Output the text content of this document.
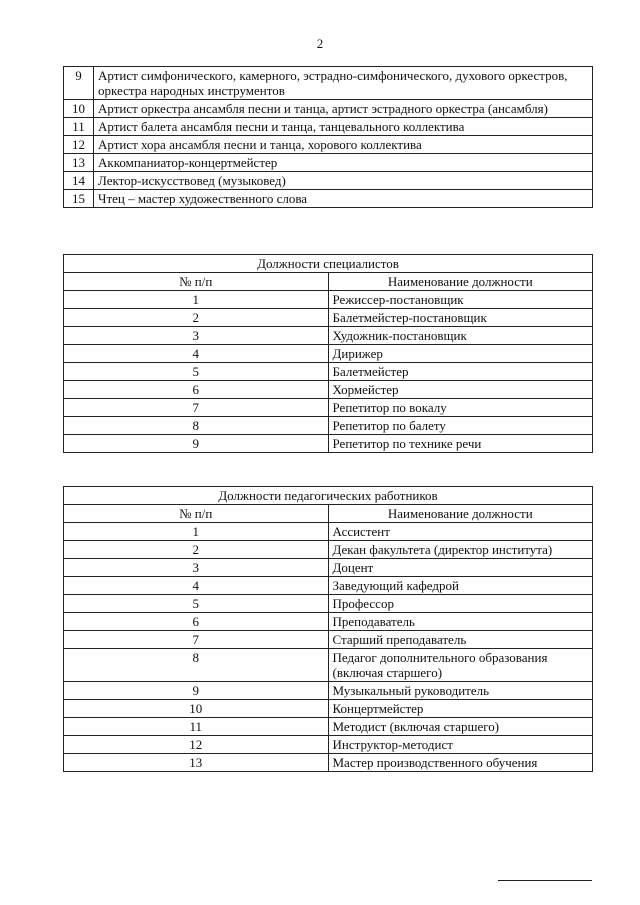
2
9	Артист симфонического, камерного, эстрадно-симфонического, духового оркестров, оркестра народных инструментов
10	Артист оркестра ансамбля песни и танца, артист эстрадного оркестра (ансамбля)
11	Артист балета ансамбля песни и танца, танцевального коллектива
12	Артист хора ансамбля песни и танца, хорового коллектива
13	Аккомпаниатор-концертмейстер
14	Лектор-искусствовед (музыковед)
15	Чтец – мастер художественного слова
Должности специалистов	
№ п/п	Наименование должности
1	Режиссер-постановщик
2	Балетмейстер-постановщик
3	Художник-постановщик
4	Дирижер
5	Балетмейстер
6	Хормейстер
7	Репетитор по вокалу
8	Репетитор по балету
9	Репетитор по технике речи
Должности педагогических работников	
№ п/п	Наименование должности
1	Ассистент
2	Декан факультета (директор института)
3	Доцент
4	Заведующий кафедрой
5	Профессор
6	Преподаватель
7	Старший преподаватель
8	Педагог дополнительного образования (включая старшего)
9	Музыкальный руководитель
10	Концертмейстер
11	Методист (включая старшего)
12	Инструктор-методист
13	Мастер производственного обучения
